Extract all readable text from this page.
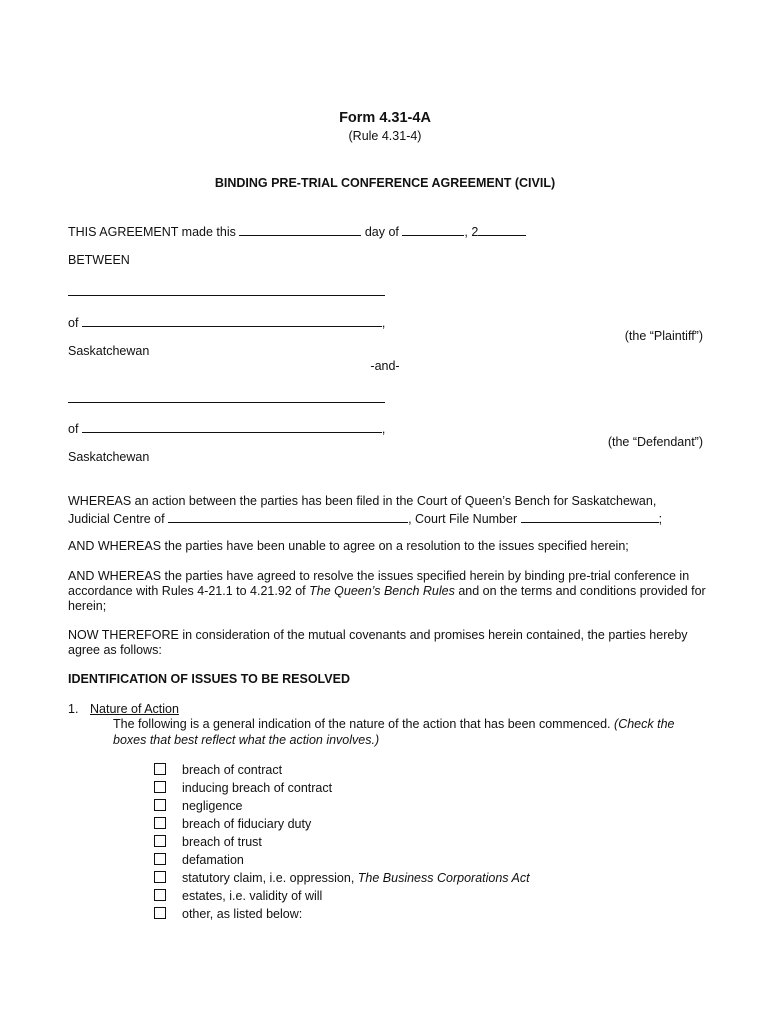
Form 4.31-4A
(Rule 4.31-4)
BINDING PRE-TRIAL CONFERENCE AGREEMENT (CIVIL)
THIS AGREEMENT made this	day of	, 2
BETWEEN
of	,
(the “Plaintiff”)
Saskatchewan
-and-
of	,
(the “Defendant”)
Saskatchewan
WHEREAS an action between the parties has been filed in the Court of Queen’s Bench for Saskatchewan,
Judicial Centre of	, Court File Number	;
AND WHEREAS the parties have been unable to agree on a resolution to the issues specified herein;
AND WHEREAS the parties have agreed to resolve the issues specified herein by binding pre-trial conference in accordance with Rules 4-21.1 to 4.21.92 of The Queen’s Bench Rules and on the terms and conditions provided for herein;
NOW THEREFORE in consideration of the mutual covenants and promises herein contained, the parties hereby agree as follows:
IDENTIFICATION OF ISSUES TO BE RESOLVED
1. Nature of Action
The following is a general indication of the nature of the action that has been commenced. (Check the
boxes that best reflect what the action involves.)
breach of contract
inducing breach of contract
negligence
breach of fiduciary duty
breach of trust
defamation
statutory claim, i.e. oppression, The Business Corporations Act
estates, i.e. validity of will
other, as listed below:
